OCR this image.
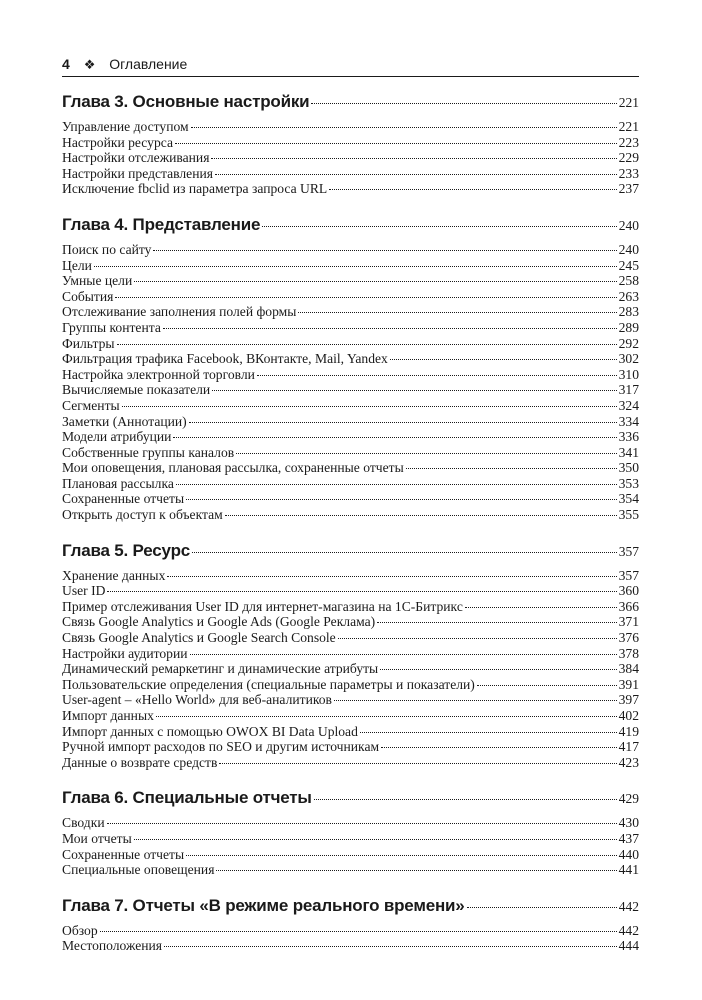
4 ❖ Оглавление
Глава 3. Основные настройки	221
Управление доступом	221
Настройки ресурса	223
Настройки отслеживания	229
Настройки представления	233
Исключение fbclid из параметра запроса URL	237
Глава 4. Представление	240
Поиск по сайту	240
Цели	245
Умные цели	258
События	263
Отслеживание заполнения полей формы	283
Группы контента	289
Фильтры	292
Фильтрация трафика Facebook, ВКонтакте, Mail, Yandex	302
Настройка электронной торговли	310
Вычисляемые показатели	317
Сегменты	324
Заметки (Аннотации)	334
Модели атрибуции	336
Собственные группы каналов	341
Мои оповещения, плановая рассылка, сохраненные отчеты	350
Плановая рассылка	353
Сохраненные отчеты	354
Открыть доступ к объектам	355
Глава 5. Ресурс	357
Хранение данных	357
User ID	360
Пример отслеживания User ID для интернет-магазина на 1С-Битрикс	366
Связь Google Analytics и Google Ads (Google Реклама)	371
Связь Google Analytics и Google Search Console	376
Настройки аудитории	378
Динамический ремаркетинг и динамические атрибуты	384
Пользовательские определения (специальные параметры и показатели)	391
User-agent – «Hello World» для веб-аналитиков	397
Импорт данных	402
Импорт данных с помощью OWOX BI Data Upload	419
Ручной импорт расходов по SEO и другим источникам	417
Данные о возврате средств	423
Глава 6. Специальные отчеты	429
Сводки	430
Мои отчеты	437
Сохраненные отчеты	440
Специальные оповещения	441
Глава 7. Отчеты «В режиме реального времени»	442
Обзор	442
Местоположения	444
